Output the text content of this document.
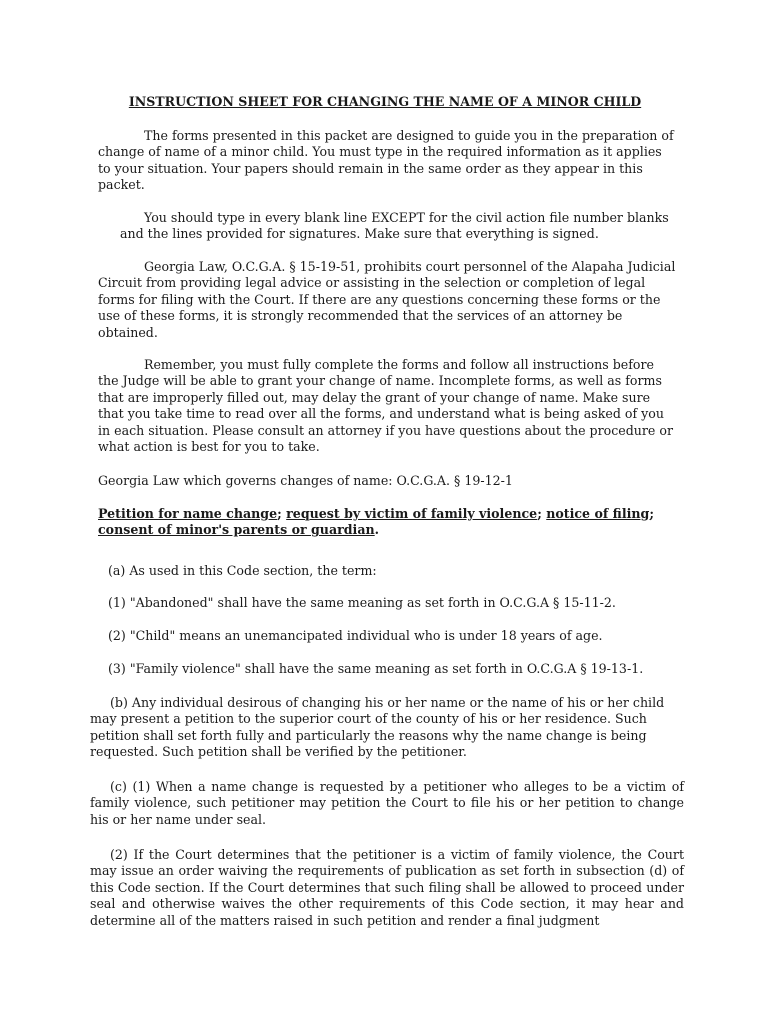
INSTRUCTION SHEET FOR CHANGING THE NAME OF A MINOR CHILD

The forms presented in this packet are designed to guide you in the preparation of change of name of a minor child. You must type in the required information as it applies to your situation. Your papers should remain in the same order as they appear in this packet.

You should type in every blank line EXCEPT for the civil action file number blanks and the lines provided for signatures. Make sure that everything is signed.

Georgia Law, O.C.G.A. § 15-19-51, prohibits court personnel of the Alapaha Judicial Circuit from providing legal advice or assisting in the selection or completion of legal forms for filing with the Court. If there are any questions concerning these forms or the use of these forms, it is strongly recommended that the services of an attorney be obtained.

Remember, you must fully complete the forms and follow all instructions before the Judge will be able to grant your change of name. Incomplete forms, as well as forms that are improperly filled out, may delay the grant of your change of name. Make sure that you take time to read over all the forms, and understand what is being asked of you in each situation. Please consult an attorney if you have questions about the procedure or what action is best for you to take.

Georgia Law which governs changes of name: O.C.G.A. § 19-12-1

Petition for name change; request by victim of family violence; notice of filing;
consent of minor's parents or guardian.

(a) As used in this Code section, the term:

(1) "Abandoned" shall have the same meaning as set forth in O.C.G.A § 15-11-2.

(2) "Child" means an unemancipated individual who is under 18 years of age.

(3) "Family violence" shall have the same meaning as set forth in O.C.G.A § 19-13-1.

(b) Any individual desirous of changing his or her name or the name of his or her child may present a petition to the superior court of the county of his or her residence. Such petition shall set forth fully and particularly the reasons why the name change is being requested. Such petition shall be verified by the petitioner.

(c) (1) When a name change is requested by a petitioner who alleges to be a victim of family violence, such petitioner may petition the Court to file his or her petition to change his or her name under seal.

(2) If the Court determines that the petitioner is a victim of family violence, the Court may issue an order waiving the requirements of publication as set forth in subsection (d) of this Code section. If the Court determines that such filing shall be allowed to proceed under seal and otherwise waives the other requirements of this Code section, it may hear and determine all of the matters raised in such petition and render a final judgment
